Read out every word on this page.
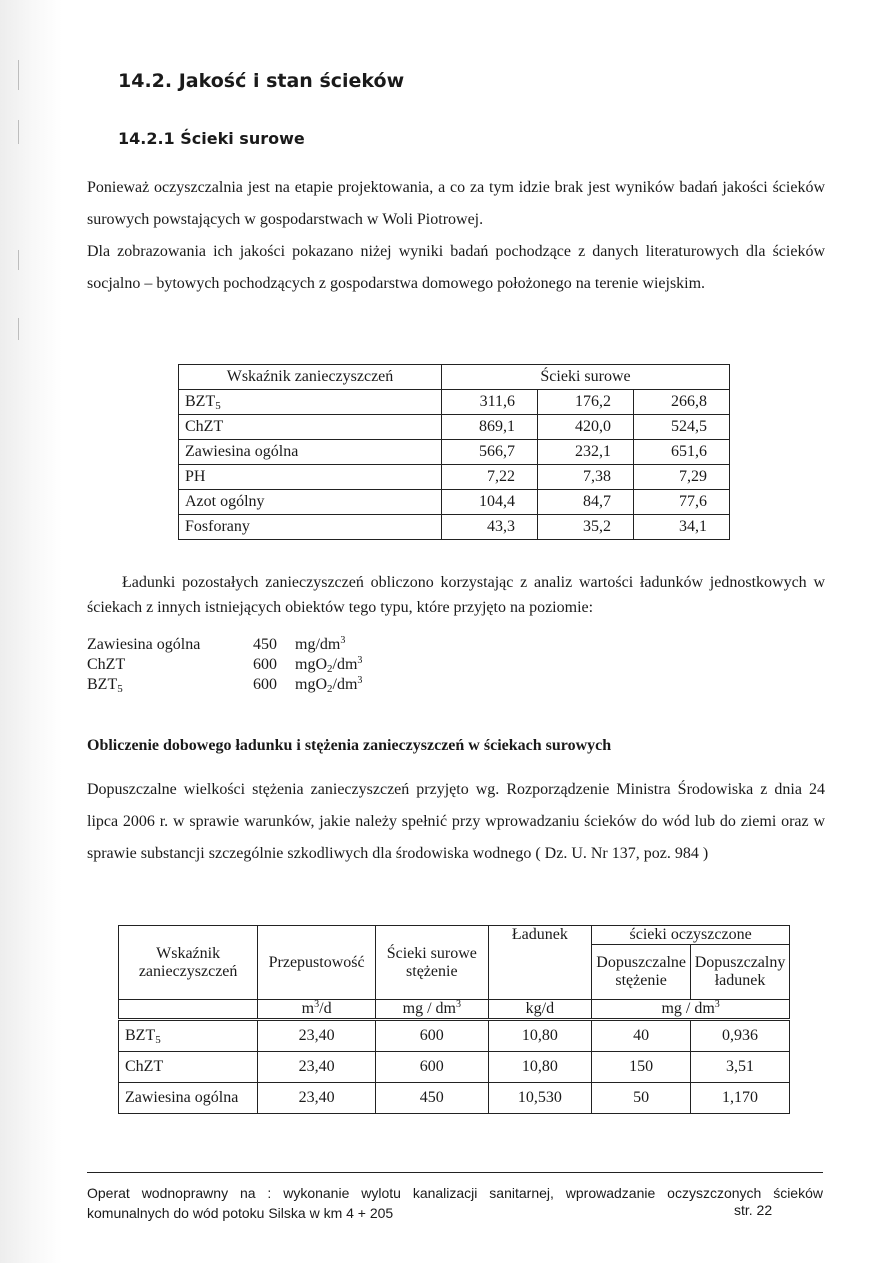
14.2. Jakość i stan ścieków
14.2.1 Ścieki surowe

Ponieważ oczyszczalnia jest na etapie projektowania, a co za tym idzie brak jest wyników badań jakości ścieków surowych powstających w gospodarstwach w Woli Piotrowej.

Dla zobrazowania ich jakości pokazano niżej wyniki badań pochodzące z danych literaturowych dla ścieków socjalno – bytowych pochodzących z gospodarstwa domowego położonego na terenie wiejskim.

Wskaźnik zanieczyszczeń	Ścieki surowe		
$BZT_5$	311,6	176,2	266,8
ChZT	869,1	420,0	524,5
Zawiesina ogólna	566,7	232,1	651,6
PH	7,22	7,38	7,29
Azot ogólny	104,4	84,7	77,6
Fosforany	43,3	35,2	34,1

Ładunki pozostałych zanieczyszczeń obliczono korzystając z analiz wartości ładunków jednostkowych w ściekach z innych istniejących obiektów tego typu, które przyjęto na poziomie:

Zawiesina ogólna	450 $mg/dm^3$
ChZT	600 $mgO_2/dm^3$
$BZT_5$	600 $mgO_2/dm^3$
Obliczenie dobowego ładunku i stężenia zanieczyszczeń w ściekach surowych

Dopuszczalne wielkości stężenia zanieczyszczeń przyjęto wg. Rozporządzenie Ministra Środowiska z dnia 24 lipca 2006 r. w sprawie warunków, jakie należy spełnić przy wprowadzaniu ścieków do wód lub do ziemi oraz w sprawie substancji szczególnie szkodliwych dla środowiska wodnego ( Dz. U. Nr 137, poz. 984 )

Wskaźnik zanieczyszczeń	Przepustowość	Ścieki surowe stężenie	Ładunek	ścieki oczyszczone	
				Dopuszczalne stężenie	Dopuszczalny ładunek

	$m^3/d$	mg / $dm^3$	kg/d	mg / $dm^3$
$BZT_5$	23,40	600	10,80	40	0,936
ChZT	23,40	600	10,80	150	3,51
Zawiesina ogólna	23,40	450	10,530	50	1,170

Operat wodnoprawny na : wykonanie wylotu kanalizacji sanitarnej, wprowadzanie oczyszczonych ścieków komunalnych do wód potoku Silska w km 4 + 205	str. 22
